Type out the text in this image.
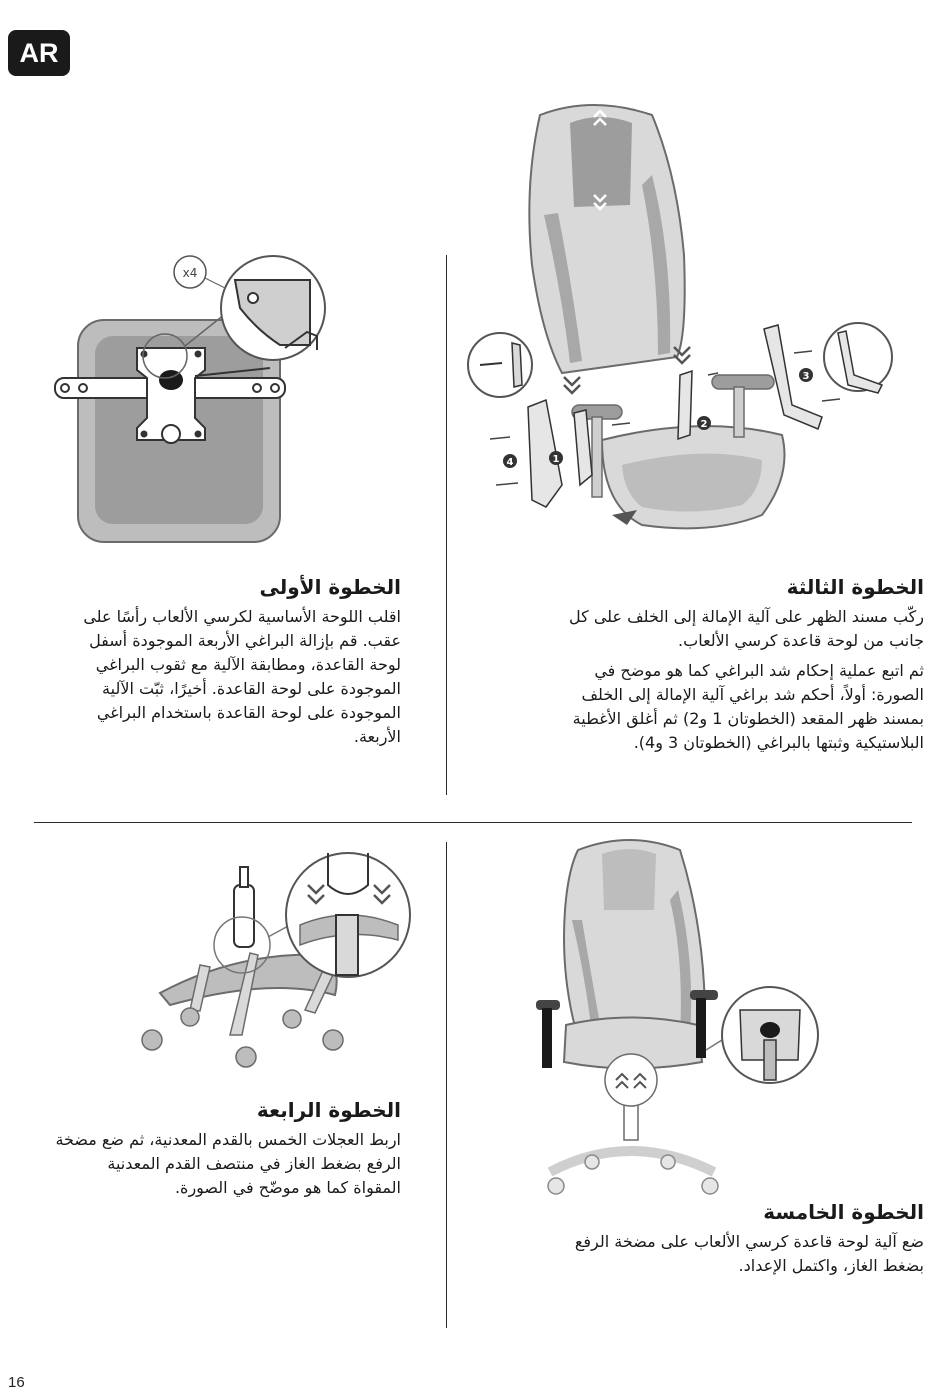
AR
x4
الخطوة الأولى

اقلب اللوحة الأساسية لكرسي الألعاب رأسًا على عقب. قم بإزالة البراغي الأربعة الموجودة أسفل لوحة القاعدة، ومطابقة الآلية مع ثقوب البراغي الموجودة على لوحة القاعدة. أخيرًا، ثبّت الآلية الموجودة على لوحة القاعدة باستخدام البراغي الأربعة.

1
2
3
4
الخطوة الثالثة

ركّب مسند الظهر على آلية الإمالة إلى الخلف على كل جانب من لوحة قاعدة كرسي الألعاب.

ثم اتبع عملية إحكام شد البراغي كما هو موضح في الصورة: أولاً، أحكم شد براغي آلية الإمالة إلى الخلف بمسند ظهر المقعد (الخطوتان 1 و2) ثم أغلق الأغطية البلاستيكية وثبتها بالبراغي (الخطوتان 3 و4).

الخطوة الرابعة

اربط العجلات الخمس بالقدم المعدنية، ثم ضع مضخة الرفع بضغط الغاز في منتصف القدم المعدنية المقواة كما هو موضّح في الصورة.

الخطوة الخامسة

ضع آلية لوحة قاعدة كرسي الألعاب على مضخة الرفع بضغط الغاز، واكتمل الإعداد.

16
